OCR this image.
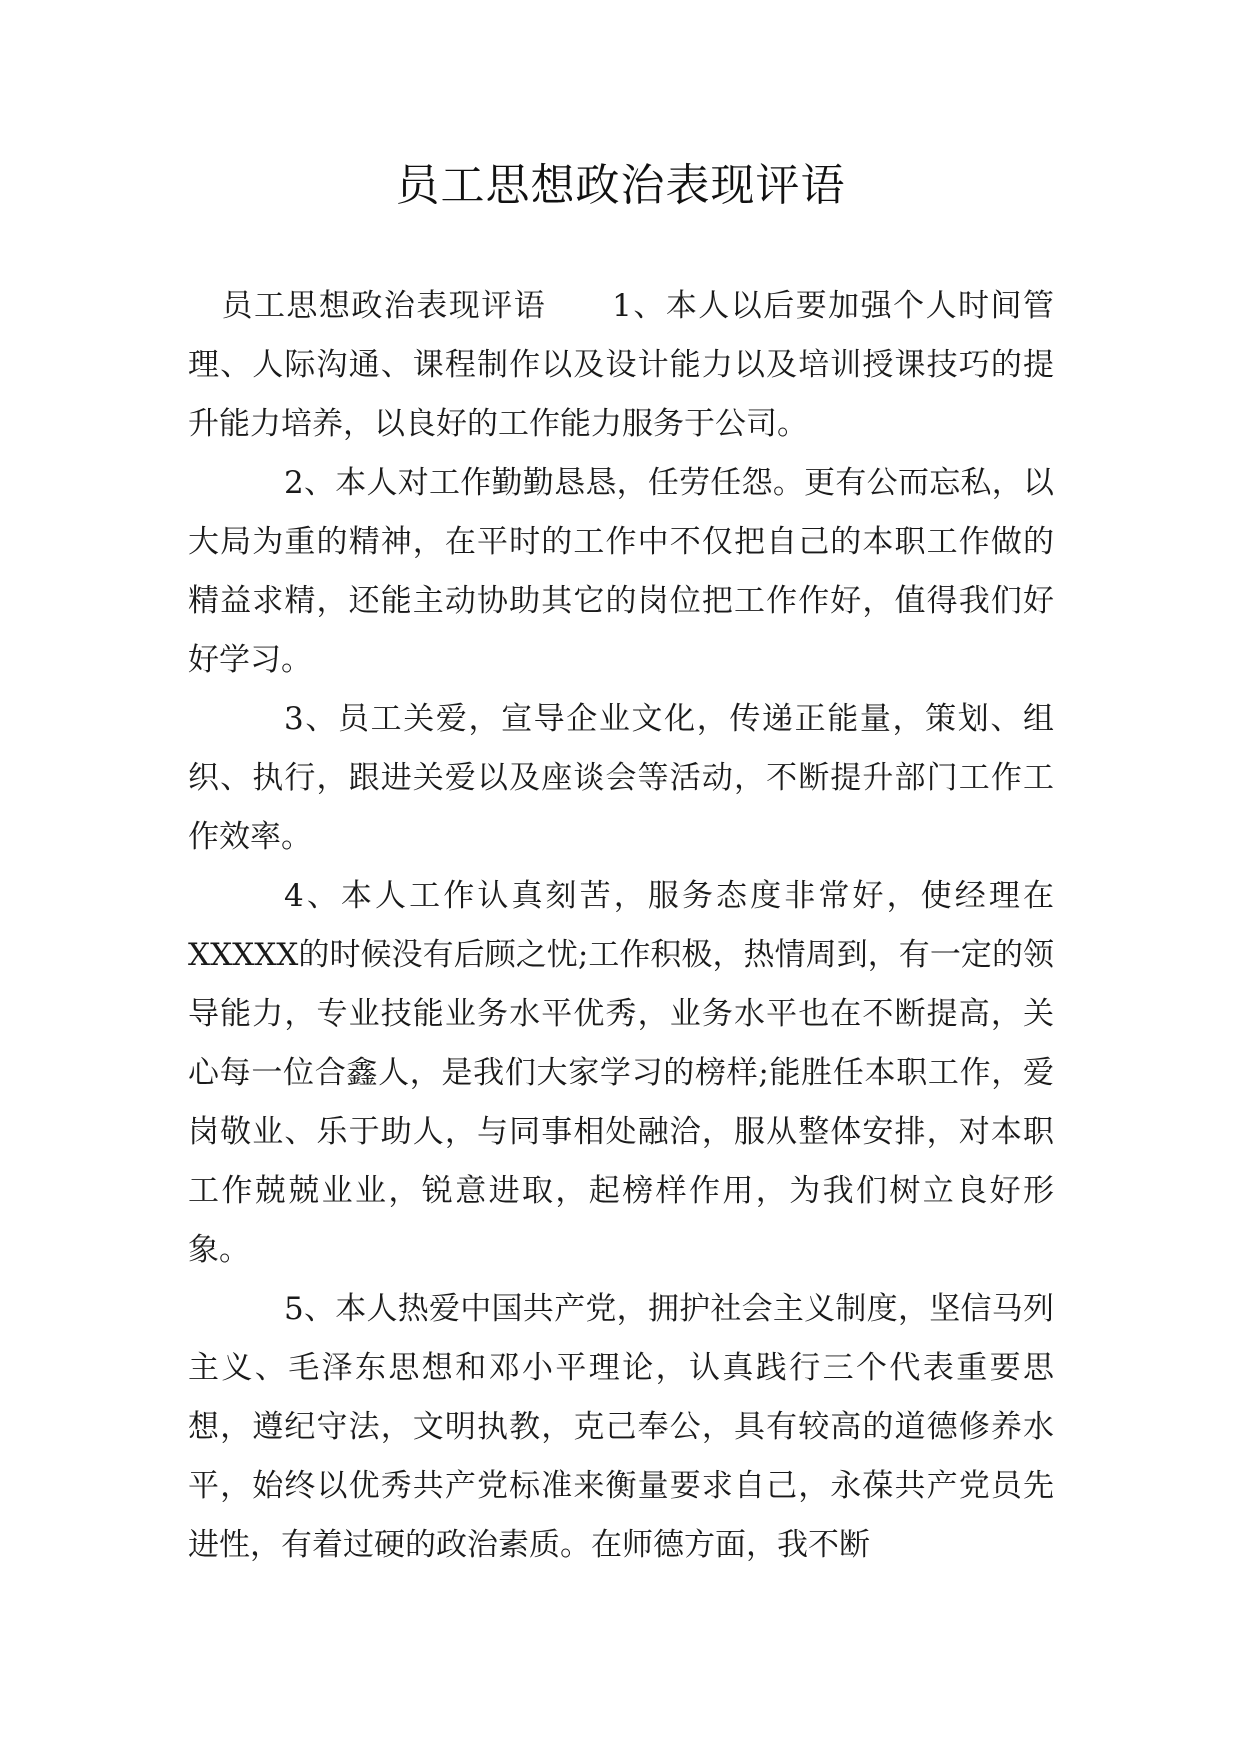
员工思想政治表现评语

员工思想政治表现评语 1、本人以后要加强个人时间管理、人际沟通、课程制作以及设计能力以及培训授课技巧的提升能力培养，以良好的工作能力服务于公司。

2、本人对工作勤勤恳恳，任劳任怨。更有公而忘私，以大局为重的精神，在平时的工作中不仅把自己的本职工作做的精益求精，还能主动协助其它的岗位把工作作好，值得我们好好学习。

3、员工关爱，宣导企业文化，传递正能量，策划、组织、执行，跟进关爱以及座谈会等活动，不断提升部门工作工作效率。

4、本人工作认真刻苦，服务态度非常好，使经理在XXXXX的时候没有后顾之忧;工作积极，热情周到，有一定的领导能力，专业技能业务水平优秀，业务水平也在不断提高，关心每一位合鑫人，是我们大家学习的榜样;能胜任本职工作，爱岗敬业、乐于助人，与同事相处融洽，服从整体安排，对本职工作兢兢业业，锐意进取，起榜样作用，为我们树立良好形象。

5、本人热爱中国共产党，拥护社会主义制度，坚信马列主义、毛泽东思想和邓小平理论，认真践行三个代表重要思想，遵纪守法，文明执教，克己奉公，具有较高的道德修养水平，始终以优秀共产党标准来衡量要求自己，永葆共产党员先进性，有着过硬的政治素质。在师德方面，我不断
